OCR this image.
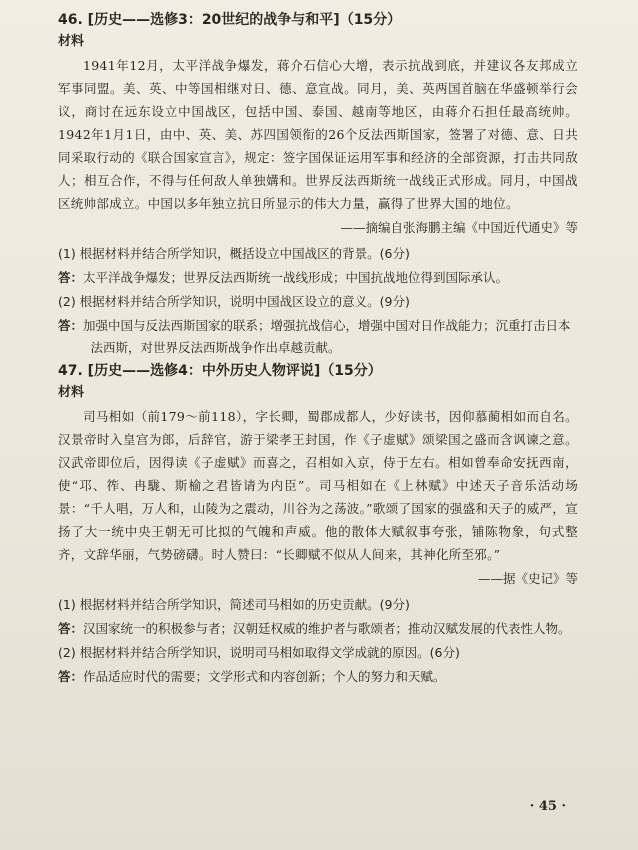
46. [历史——选修3：20世纪的战争与和平]（15分）

材料

1941年12月，太平洋战争爆发，蒋介石信心大增，表示抗战到底，并建议各友邦成立军事同盟。美、英、中等国相继对日、德、意宣战。同月，美、英两国首脑在华盛顿举行会议，商讨在远东设立中国战区，包括中国、泰国、越南等地区，由蒋介石担任最高统帅。1942年1月1日，由中、英、美、苏四国领衔的26个反法西斯国家，签署了对德、意、日共同采取行动的《联合国家宣言》，规定：签字国保证运用军事和经济的全部资源，打击共同敌人；相互合作，不得与任何敌人单独媾和。世界反法西斯统一战线正式形成。同月，中国战区统帅部成立。中国以多年独立抗日所显示的伟大力量，赢得了世界大国的地位。

——摘编自张海鹏主编《中国近代通史》等

(1) 根据材料并结合所学知识，概括设立中国战区的背景。(6分)

答：太平洋战争爆发；世界反法西斯统一战线形成；中国抗战地位得到国际承认。

(2) 根据材料并结合所学知识，说明中国战区设立的意义。(9分)

答：加强中国与反法西斯国家的联系；增强抗战信心，增强中国对日作战能力；沉重打击日本法西斯，对世界反法西斯战争作出卓越贡献。

47. [历史——选修4：中外历史人物评说]（15分）

材料

司马相如（前179～前118），字长卿，蜀郡成都人，少好读书，因仰慕蔺相如而自名。汉景帝时入皇宫为郎，后辞官，游于梁孝王封国，作《子虚赋》颂梁国之盛而含讽谏之意。汉武帝即位后，因得读《子虚赋》而喜之，召相如入京，侍于左右。相如曾奉命安抚西南，使“邛、筰、冉駹、斯榆之君皆请为内臣”。司马相如在《上林赋》中述天子音乐活动场景：“千人唱，万人和，山陵为之震动，川谷为之荡波。”歌颂了国家的强盛和天子的威严，宣扬了大一统中央王朝无可比拟的气魄和声威。他的散体大赋叙事夸张，铺陈物象，句式整齐，文辞华丽，气势磅礴。时人赞曰：“长卿赋不似从人间来，其神化所至邪。”

——据《史记》等

(1) 根据材料并结合所学知识，简述司马相如的历史贡献。(9分)

答：汉国家统一的积极参与者；汉朝廷权威的维护者与歌颂者；推动汉赋发展的代表性人物。

(2) 根据材料并结合所学知识，说明司马相如取得文学成就的原因。(6分)

答：作品适应时代的需要；文学形式和内容创新；个人的努力和天赋。

· 45 ·
